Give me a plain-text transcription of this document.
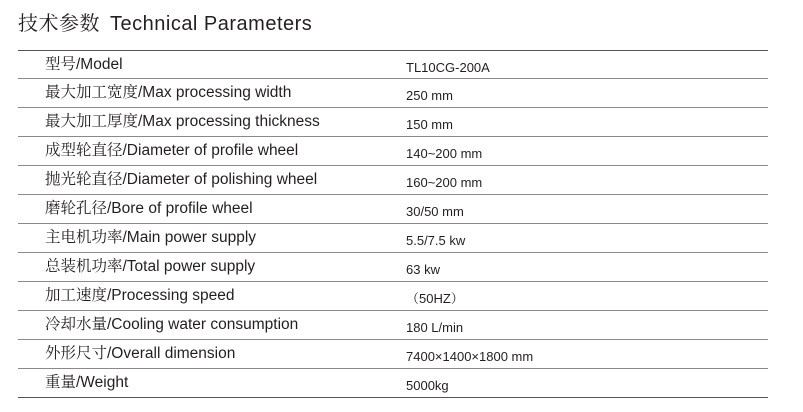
技术参数 Technical Parameters
型号/Model	TL10CG-200A
最大加工宽度/Max processing width	250 mm
最大加工厚度/Max processing thickness	150 mm
成型轮直径/Diameter of profile wheel	140~200 mm
抛光轮直径/Diameter of polishing wheel	160~200 mm
磨轮孔径/Bore of profile wheel	30/50 mm
主电机功率/Main power supply	5.5/7.5 kw
总装机功率/Total power supply	63 kw
加工速度/Processing speed	（50HZ）
冷却水量/Cooling water consumption	180 L/min
外形尺寸/Overall dimension	7400×1400×1800 mm
重量/Weight	5000kg
